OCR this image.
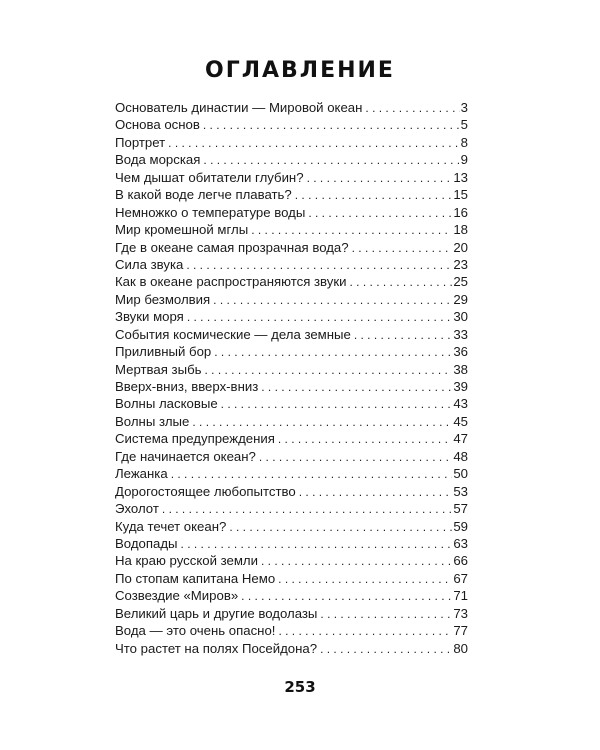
ОГЛАВЛЕНИЕ
Основатель династии — Мировой океан . . .	3
Основа основ . . .	5
Портрет . . .	8
Вода морская . . .	9
Чем дышат обитатели глубин? . . .	13
В какой воде легче плавать? . . .	15
Немножко о температуре воды . . .	16
Мир кромешной мглы . . .	18
Где в океане самая прозрачная вода? . . .	20
Сила звука . . .	23
Как в океане распространяются звуки . . .	25
Мир безмолвия . . .	29
Звуки моря . . .	30
События космические — дела земные . . .	33
Приливный бор . . .	36
Мертвая зыбь . . .	38
Вверх-вниз, вверх-вниз . . .	39
Волны ласковые . . .	43
Волны злые . . .	45
Система предупреждения . . .	47
Где начинается океан? . . .	48
Лежанка . . .	50
Дорогостоящее любопытство . . .	53
Эхолот . . .	57
Куда течет океан? . . .	59
Водопады . . .	63
На краю русской земли . . .	66
По стопам капитана Немо . . .	67
Созвездие «Миров» . . .	71
Великий царь и другие водолазы . . .	73
Вода — это очень опасно! . . .	77
Что растет на полях Посейдона? . . .	80
253
